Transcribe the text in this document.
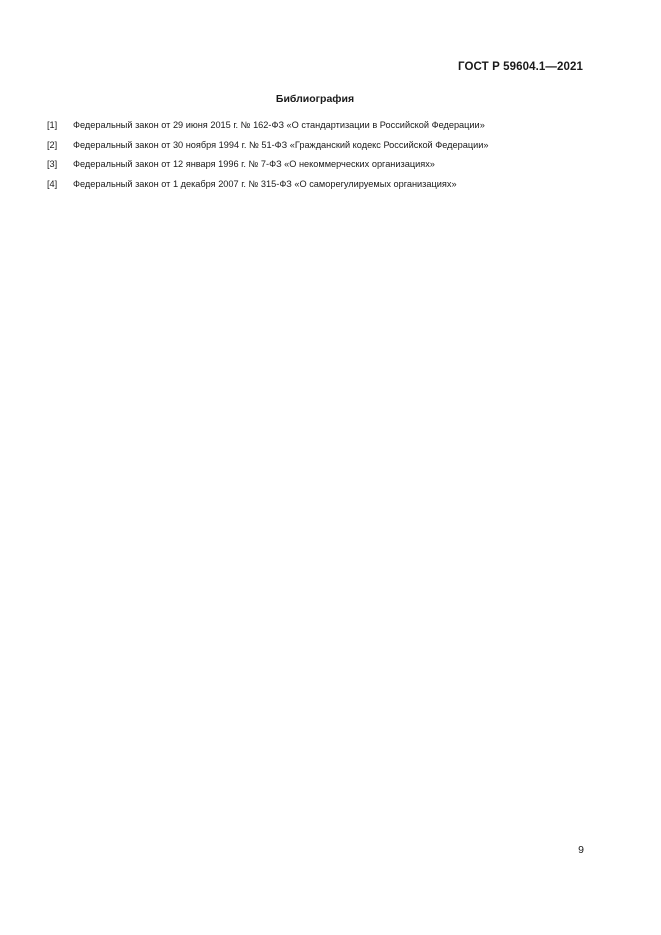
ГОСТ Р 59604.1—2021
Библиография
[1]	Федеральный закон от 29 июня 2015 г. № 162-ФЗ «О стандартизации в Российской Федерации»
[2]	Федеральный закон от 30 ноября 1994 г. № 51-ФЗ «Гражданский кодекс Российской Федерации»
[3]	Федеральный закон от 12 января 1996 г. № 7-ФЗ «О некоммерческих организациях»
[4]	Федеральный закон от 1 декабря 2007 г. № 315-ФЗ «О саморегулируемых организациях»
9
